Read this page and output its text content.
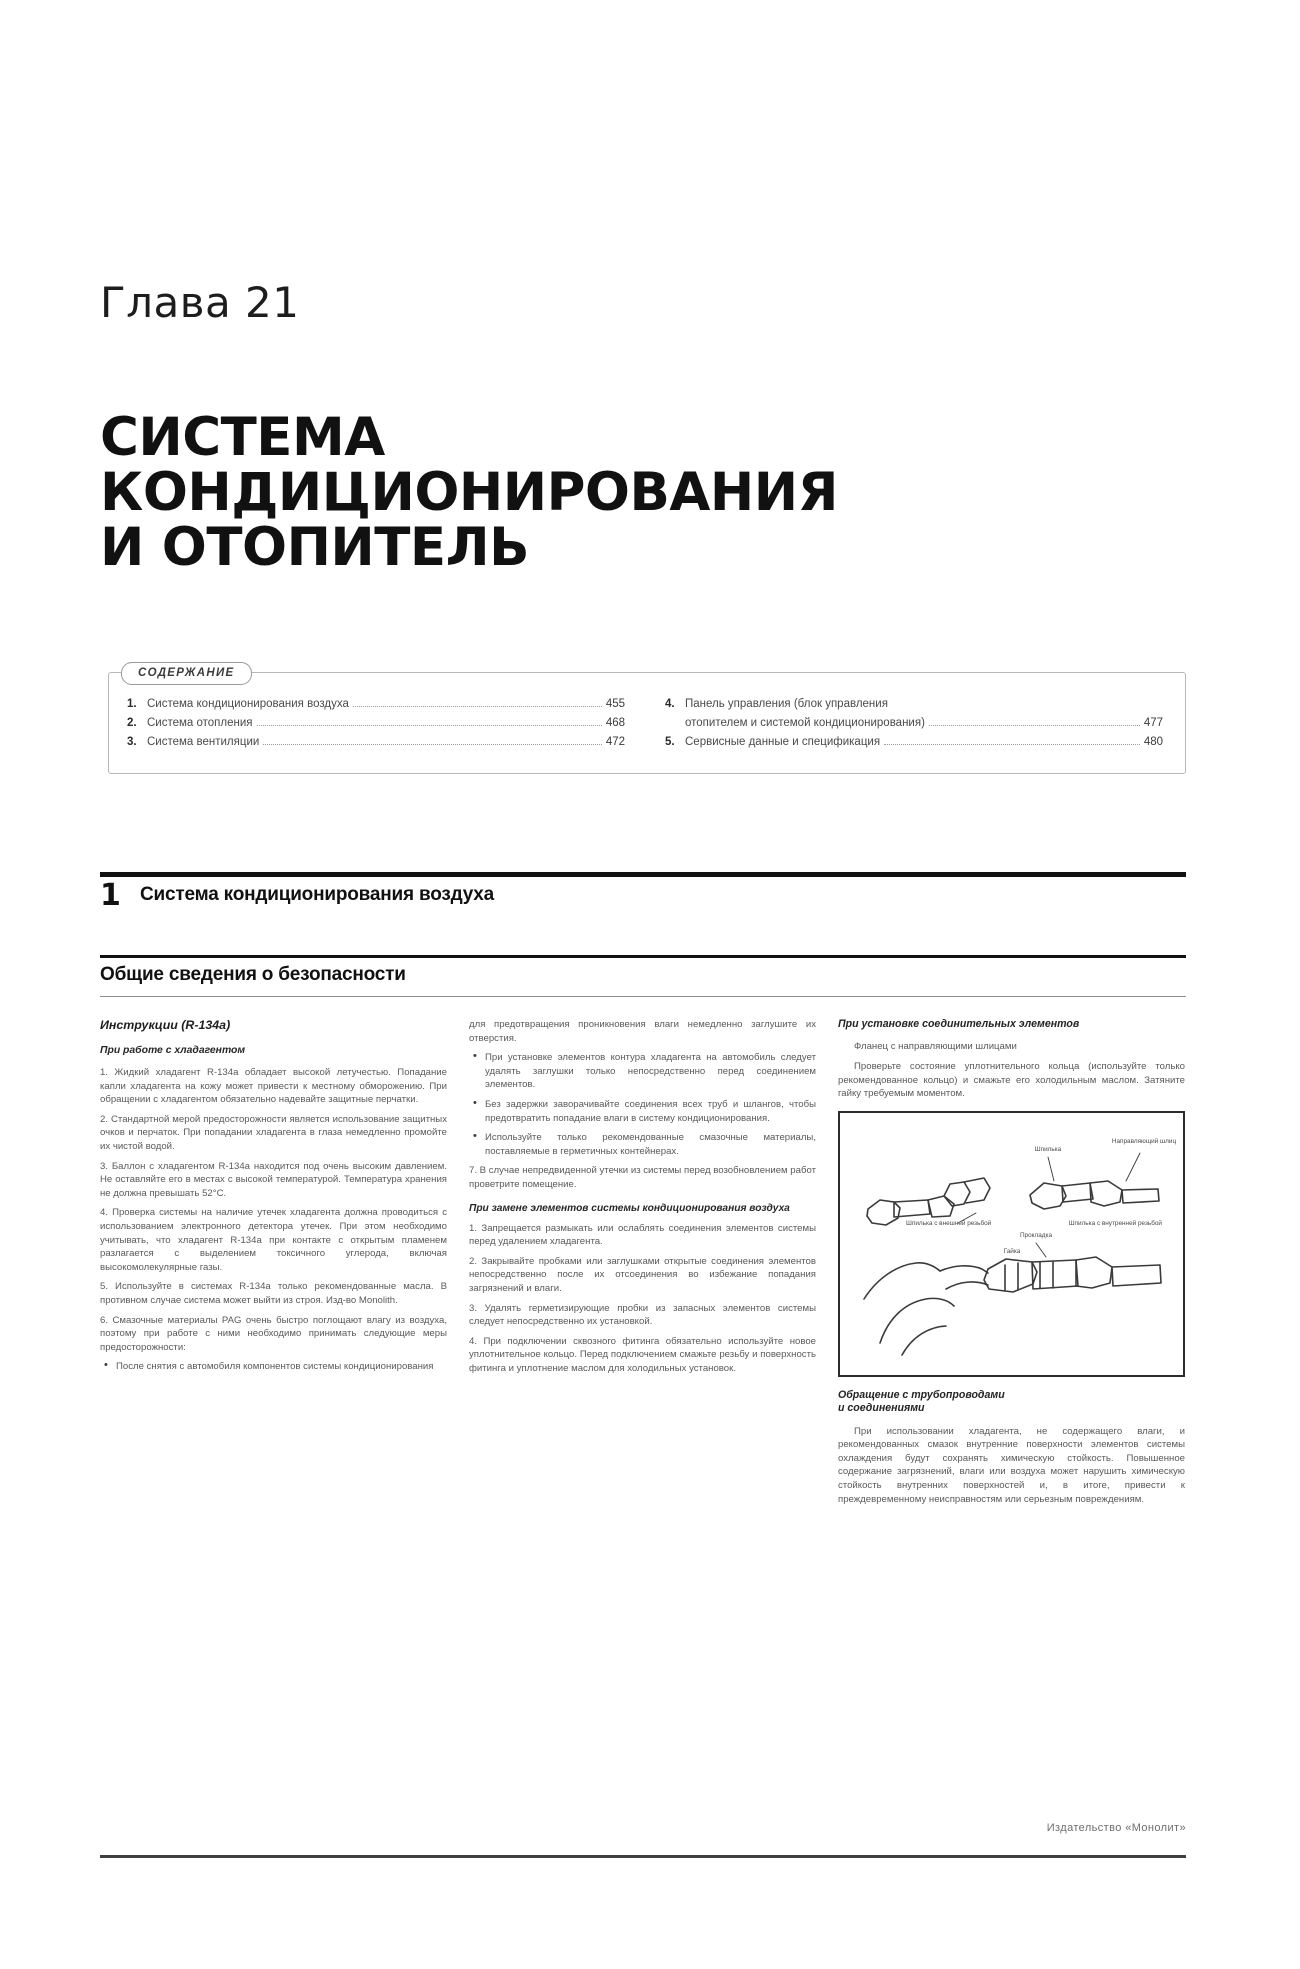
Глава 21
СИСТЕМА
КОНДИЦИОНИРОВАНИЯ
И ОТОПИТЕЛЬ
СОДЕРЖАНИЕ
1. Система кондиционирования воздуха	455
2. Система отопления	468
3. Система вентиляции	472
4. Панель управления (блок управления
отопителем и системой кондиционирования)	477
5. Сервисные данные и спецификация	480
1 Система кондиционирования воздуха
Общие сведения о безопасности
Инструкции (R-134a)
При работе с хладагентом

1. Жидкий хладагент R-134a обладает высокой летучестью. Попадание капли хладагента на кожу может привести к местному обморожению. При обращении с хладагентом обязательно надевайте защитные перчатки.

2. Стандартной мерой предосторожности является использование защитных очков и перчаток. При попадании хладагента в глаза немедленно промойте их чистой водой.

3. Баллон с хладагентом R-134a находится под очень высоким давлением. Не оставляйте его в местах с высокой температурой. Температура хранения не должна превышать 52°C.

4. Проверка системы на наличие утечек хладагента должна проводиться с использованием электронного детектора утечек. При этом необходимо учитывать, что хладагент R-134a при контакте с открытым пламенем разлагается с выделением токсичного углерода, включая высокомолекулярные газы.

5. Используйте в системах R-134a только рекомендованные масла. В противном случае система может выйти из строя. Изд-во Monolith.

6. Смазочные материалы PAG очень быстро поглощают влагу из воздуха, поэтому при работе с ними необходимо принимать следующие меры предосторожности:

• После снятия с автомобиля компонентов системы кондиционирования

для предотвращения проникновения влаги немедленно заглушите их отверстия.

• При установке элементов контура хладагента на автомобиль следует удалять заглушки только непосредственно перед соединением элементов.

• Без задержки заворачивайте соединения всех труб и шлангов, чтобы предотвратить попадание влаги в систему кондиционирования.

• Используйте только рекомендованные смазочные материалы, поставляемые в герметичных контейнерах.

7. В случае непредвиденной утечки из системы перед возобновлением работ проветрите помещение.

При замене элементов системы кондиционирования воздуха

1. Запрещается размыкать или ослаблять соединения элементов системы перед удалением хладагента.

2. Закрывайте пробками или заглушками открытые соединения элементов непосредственно после их отсоединения во избежание попадания загрязнений и влаги.

3. Удалять герметизирующие пробки из запасных элементов системы следует непосредственно их установкой.

4. При подключении сквозного фитинга обязательно используйте новое уплотнительное кольцо. Перед подключением смажьте резьбу и поверхность фитинга и уплотнение маслом для холодильных установок.

При установке соединительных элементов

Фланец с направляющими шлицами

Проверьте состояние уплотнительного кольца (используйте только рекомендованное кольцо) и смажьте его холодильным маслом. Затяните гайку требуемым моментом.

Шпилька
Направляющий шлиц
Шпилька с внешней резьбой
Прокладка
Шпилька с внутренней резьбой
Гайка
Обращение с трубопроводами
и соединениями

При использовании хладагента, не содержащего влаги, и рекомендованных смазок внутренние поверхности элементов системы охлаждения будут сохранять химическую стойкость. Повышенное содержание загрязнений, влаги или воздуха может нарушить химическую стойкость внутренних поверхностей и, в итоге, привести к преждевременному неисправностям или серьезным повреждениям.

Издательство «Монолит»
